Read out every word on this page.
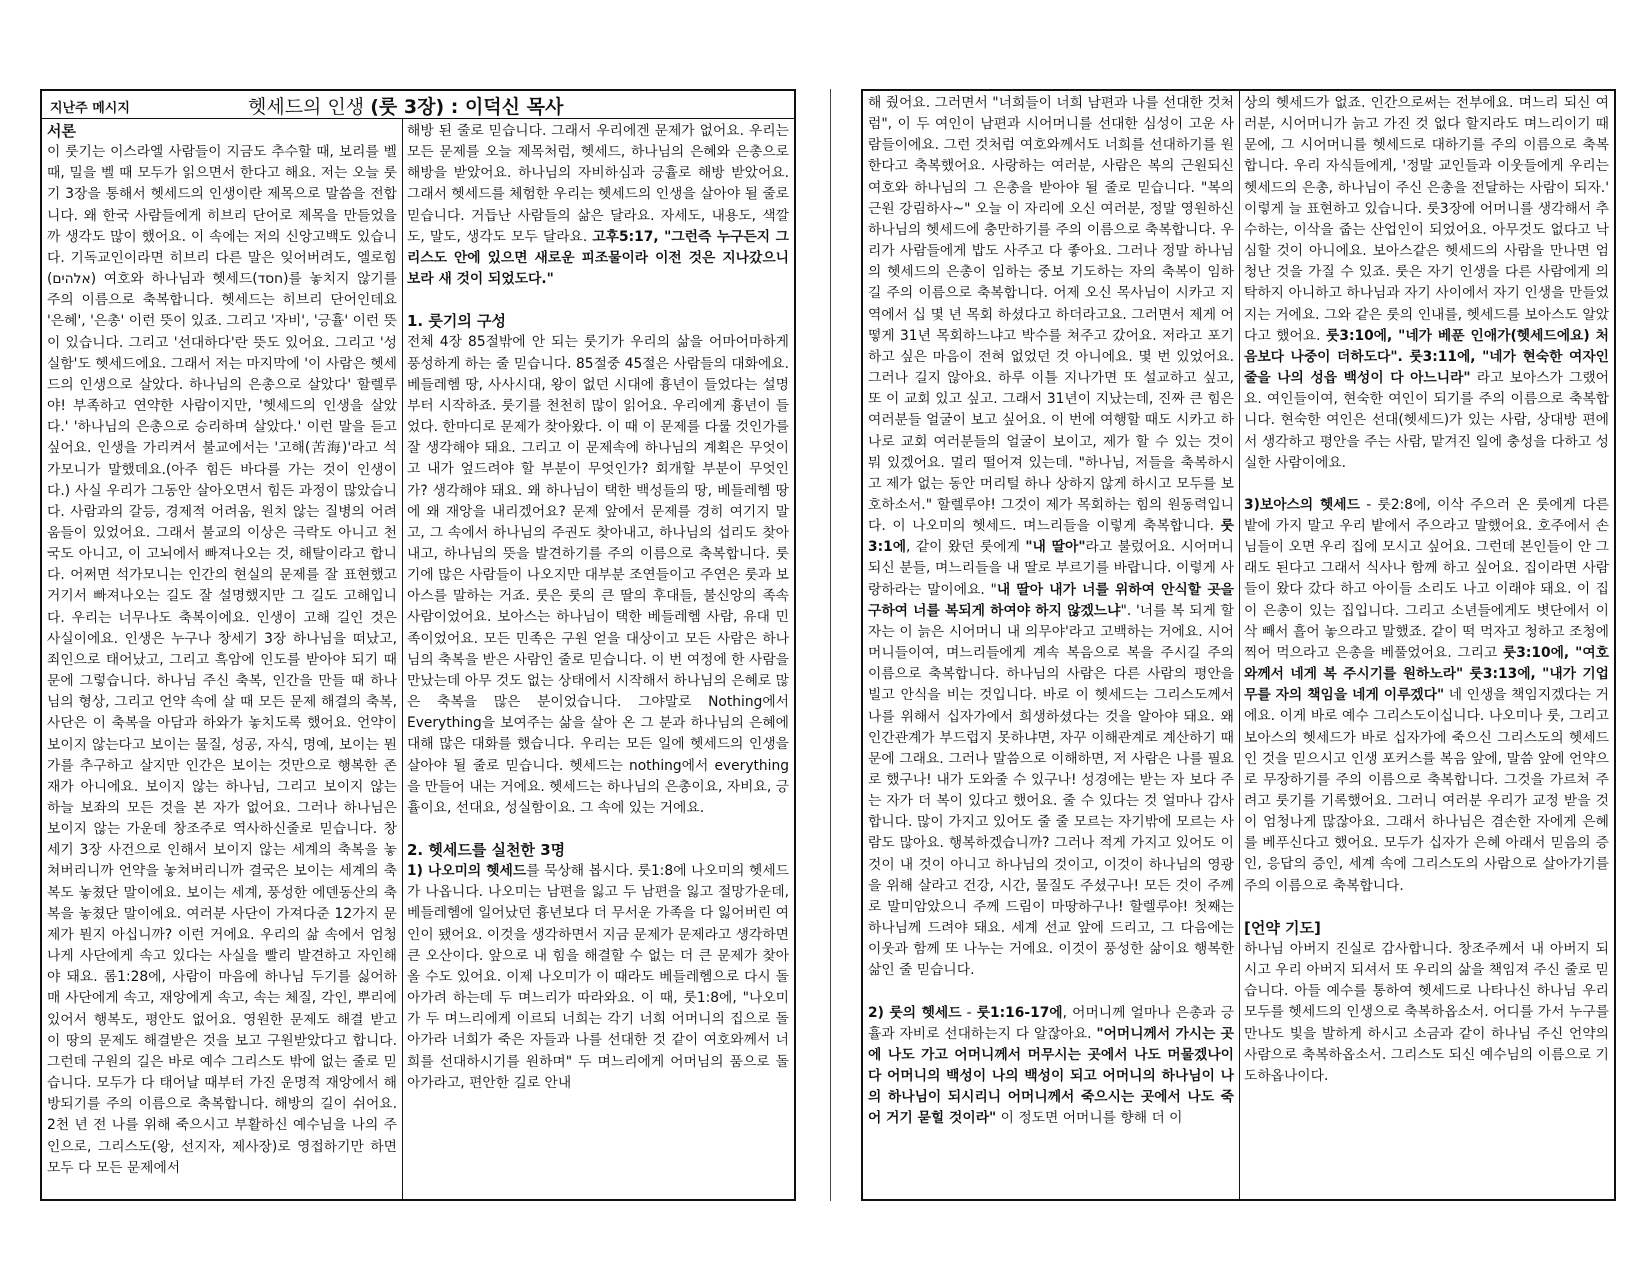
지난주 메시지	헷세드의 인생 (룻 3장) : 이덕신 목사

서론

이 룻기는 이스라엘 사람들이 지금도 추수할 때, 보리를 벨 때, 밀을 벨 때 모두가 읽으면서 한다고 해요. 저는 오늘 룻기 3장을 통해서 헷세드의 인생이란 제목으로 말씀을 전합니다. 왜 한국 사람들에게 히브리 단어로 제목을 만들었을까 생각도 많이 했어요. 이 속에는 저의 신앙고백도 있습니다. 기독교인이라면 히브리 다른 말은 잊어버려도, 엘로힘(אלהים) 여호와 하나님과 헷세드(חסד)를 놓치지 않기를 주의 이름으로 축복합니다. 헷세드는 히브리 단어인데요 '은혜', '은총' 이런 뜻이 있죠. 그리고 '자비', '긍휼' 이런 뜻이 있습니다. 그리고 '선대하다'란 뜻도 있어요. 그리고 '성실함'도 헷세드에요. 그래서 저는 마지막에 '이 사람은 헷세드의 인생으로 살았다. 하나님의 은총으로 살았다' 할렐루야! 부족하고 연약한 사람이지만, '헷세드의 인생을 살았다.' '하나님의 은총으로 승리하며 살았다.' 이런 말을 듣고 싶어요. 인생을 가리켜서 불교에서는 '고해(苦海)'라고 석가모니가 말했데요.(아주 힘든 바다를 가는 것이 인생이다.) 사실 우리가 그동안 살아오면서 힘든 과정이 많았습니다. 사람과의 갈등, 경제적 어려움, 원치 않는 질병의 어려움들이 있었어요. 그래서 불교의 이상은 극락도 아니고 천국도 아니고, 이 고뇌에서 빠져나오는 것, 해탈이라고 합니다. 어쩌면 석가모니는 인간의 현실의 문제를 잘 표현했고 거기서 빠져나오는 길도 잘 설명했지만 그 길도 고해입니다. 우리는 너무나도 축복이에요. 인생이 고해 길인 것은 사실이에요. 인생은 누구나 창세기 3장 하나님을 떠났고, 죄인으로 태어났고, 그리고 흑암에 인도를 받아야 되기 때문에 그렇습니다. 하나님 주신 축복, 인간을 만들 때 하나님의 형상, 그리고 언약 속에 살 때 모든 문제 해결의 축복, 사단은 이 축복을 아담과 하와가 놓치도록 했어요. 언약이 보이지 않는다고 보이는 물질, 성공, 자식, 명예, 보이는 뭔가를 추구하고 살지만 인간은 보이는 것만으로 행복한 존재가 아니에요. 보이지 않는 하나님, 그리고 보이지 않는 하늘 보좌의 모든 것을 본 자가 없어요. 그러나 하나님은 보이지 않는 가운데 창조주로 역사하신줄로 믿습니다. 창세기 3장 사건으로 인해서 보이지 않는 세계의 축복을 놓쳐버리니까 언약을 놓쳐버리니까 결국은 보이는 세계의 축복도 놓쳤단 말이에요. 보이는 세계, 풍성한 에덴동산의 축복을 놓쳤단 말이에요. 여러분 사단이 가져다준 12가지 문제가 뭔지 아십니까? 이런 거에요. 우리의 삶 속에서 엄청나게 사단에게 속고 있다는 사실을 빨리 발견하고 자인해야 돼요. 롬1:28에, 사람이 마음에 하나님 두기를 싫어하매 사단에게 속고, 재앙에게 속고, 속는 체질, 각인, 뿌리에 있어서 행복도, 평안도 없어요. 영원한 문제도 해결 받고 이 땅의 문제도 해결받은 것을 보고 구원받았다고 합니다. 그런데 구원의 길은 바로 예수 그리스도 밖에 없는 줄로 믿습니다. 모두가 다 태어날 때부터 가진 운명적 재앙에서 해방되기를 주의 이름으로 축복합니다. 해방의 길이 쉬어요. 2천 년 전 나를 위해 죽으시고 부활하신 예수님을 나의 주인으로, 그리스도(왕, 선지자, 제사장)로 영접하기만 하면 모두 다 모든 문제에서

해방 된 줄로 믿습니다. 그래서 우리에겐 문제가 없어요. 우리는 모든 문제를 오늘 제목처럼, 헷세드, 하나님의 은혜와 은총으로 해방을 받았어요. 하나님의 자비하심과 긍휼로 해방 받았어요. 그래서 헷세드를 체험한 우리는 헷세드의 인생을 살아야 될 줄로 믿습니다. 거듭난 사람들의 삶은 달라요. 자세도, 내용도, 색깔도, 말도, 생각도 모두 달라요. 고후5:17, "그런즉 누구든지 그리스도 안에 있으면 새로운 피조물이라 이전 것은 지나갔으니 보라 새 것이 되었도다."

1. 룻기의 구성

전체 4장 85절밖에 안 되는 룻기가 우리의 삶을 어마어마하게 풍성하게 하는 줄 믿습니다. 85절중 45절은 사람들의 대화에요. 베들레헴 땅, 사사시대, 왕이 없던 시대에 흉년이 들었다는 설명부터 시작하죠. 룻기를 천천히 많이 읽어요. 우리에게 흉년이 들었다. 한마디로 문제가 찾아왔다. 이 때 이 문제를 다룰 것인가를 잘 생각해야 돼요. 그리고 이 문제속에 하나님의 계획은 무엇이고 내가 엎드려야 할 부분이 무엇인가? 회개할 부분이 무엇인가? 생각해야 돼요. 왜 하나님이 택한 백성들의 땅, 베들레헴 땅에 왜 재앙을 내리겠어요? 문제 앞에서 문제를 경히 여기지 말고, 그 속에서 하나님의 주권도 찾아내고, 하나님의 섭리도 찾아내고, 하나님의 뜻을 발견하기를 주의 이름으로 축복합니다. 룻기에 많은 사람들이 나오지만 대부분 조연들이고 주연은 룻과 보아스를 말하는 거죠. 룻은 룻의 큰 딸의 후대들, 불신앙의 족속 사람이었어요. 보아스는 하나님이 택한 베들레헴 사람, 유대 민족이었어요. 모든 민족은 구원 얻을 대상이고 모든 사람은 하나님의 축복을 받은 사람인 줄로 믿습니다. 이 번 여정에 한 사람을 만났는데 아무 것도 없는 상태에서 시작해서 하나님의 은혜로 많은 축복을 많은 분이었습니다. 그야말로 Nothing에서 Everything을 보여주는 삶을 살아 온 그 분과 하나님의 은혜에 대해 많은 대화를 했습니다. 우리는 모든 일에 헷세드의 인생을 살아야 될 줄로 믿습니다. 헷세드는 nothing에서 everything을 만들어 내는 거에요. 헷세드는 하나님의 은총이요, 자비요, 긍휼이요, 선대요, 성실함이요. 그 속에 있는 거에요.

2. 헷세드를 실천한 3명

1) 나오미의 헷세드를 묵상해 봅시다. 룻1:8에 나오미의 헷세드가 나옵니다. 나오미는 남편을 잃고 두 남편을 잃고 절망가운데, 베들레헴에 일어났던 흉년보다 더 무서운 가족을 다 잃어버린 여인이 됐어요. 이것을 생각하면서 지금 문제가 문제라고 생각하면 큰 오산이다. 앞으로 내 힘을 해결할 수 없는 더 큰 문제가 찾아올 수도 있어요. 이제 나오미가 이 때라도 베들레헴으로 다시 돌아가려 하는데 두 며느리가 따라와요. 이 때, 룻1:8에, "나오미가 두 며느리에게 이르되 너희는 각기 너희 어머니의 집으로 돌아가라 너희가 죽은 자들과 나를 선대한 것 같이 여호와께서 너희를 선대하시기를 원하며" 두 며느리에게 어머님의 품으로 돌아가라고, 편안한 길로 안내

해 줬어요. 그러면서 "너희들이 너희 남편과 나를 선대한 것처럼", 이 두 여인이 남편과 시어머니를 선대한 심성이 고운 사람들이에요. 그런 것처럼 여호와께서도 너희를 선대하기를 원한다고 축복했어요. 사랑하는 여러분, 사람은 복의 근원되신 여호와 하나님의 그 은총을 받아야 될 줄로 믿습니다. "복의 근원 강림하사~" 오늘 이 자리에 오신 여러분, 정말 영원하신 하나님의 헷세드에 충만하기를 주의 이름으로 축복합니다. 우리가 사람들에게 밥도 사주고 다 좋아요. 그러나 정말 하나님의 헷세드의 은총이 임하는 중보 기도하는 자의 축복이 임하길 주의 이름으로 축복합니다. 어제 오신 목사님이 시카고 지역에서 십 몇 년 목회 하셨다고 하더라고요. 그러면서 제게 어떻게 31년 목회하느냐고 박수를 쳐주고 갔어요. 저라고 포기하고 싶은 마음이 전혀 없었던 것 아니에요. 몇 번 있었어요. 그러나 길지 않아요. 하루 이틀 지나가면 또 설교하고 싶고, 또 이 교회 있고 싶고. 그래서 31년이 지났는데, 진짜 큰 힘은 여러분들 얼굴이 보고 싶어요. 이 번에 여행할 때도 시카고 하나로 교회 여러분들의 얼굴이 보이고, 제가 할 수 있는 것이 뭐 있겠어요. 멀리 떨어져 있는데. "하나님, 저들을 축복하시고 제가 없는 동안 머리털 하나 상하지 않게 하시고 모두를 보호하소서." 할렐루야! 그것이 제가 목회하는 힘의 원동력입니다. 이 나오미의 헷세드. 며느리들을 이렇게 축복합니다. 룻 3:1에, 같이 왔던 룻에게 "내 딸아"라고 불렀어요. 시어머니 되신 분들, 며느리들을 내 딸로 부르기를 바랍니다. 이렇게 사랑하라는 말이에요. "내 딸아 내가 너를 위하여 안식할 곳을 구하여 너를 복되게 하여야 하지 않겠느냐". '너를 복 되게 할 자는 이 늙은 시어머니 내 의무야'라고 고백하는 거에요. 시어머니들이여, 며느리들에게 계속 복음으로 복을 주시길 주의 이름으로 축복합니다. 하나님의 사람은 다른 사람의 평안을 빌고 안식을 비는 것입니다. 바로 이 헷세드는 그리스도께서 나를 위해서 십자가에서 희생하셨다는 것을 알아야 돼요. 왜 인간관계가 부드럽지 못하냐면, 자꾸 이해관계로 계산하기 때문에 그래요. 그러나 말씀으로 이해하면, 저 사람은 나를 필요로 했구나! 내가 도와줄 수 있구나! 성경에는 받는 자 보다 주는 자가 더 복이 있다고 했어요. 줄 수 있다는 것 얼마나 감사합니다. 많이 가지고 있어도 줄 줄 모르는 자기밖에 모르는 사람도 많아요. 행복하겠습니까? 그러나 적게 가지고 있어도 이것이 내 것이 아니고 하나님의 것이고, 이것이 하나님의 영광을 위해 살라고 건강, 시간, 물질도 주셨구나! 모든 것이 주께로 말미암았으니 주께 드림이 마땅하구나! 할렐루야! 첫째는 하나님께 드려야 돼요. 세계 선교 앞에 드리고, 그 다음에는 이웃과 함께 또 나누는 거에요. 이것이 풍성한 삶이요 행복한 삶인 줄 믿습니다.

2) 룻의 헷세드 - 룻1:16-17에, 어머니께 얼마나 은총과 긍휼과 자비로 선대하는지 다 알잖아요. "어머니께서 가시는 곳에 나도 가고 어머니께서 머무시는 곳에서 나도 머물겠나이다 어머니의 백성이 나의 백성이 되고 어머니의 하나님이 나의 하나님이 되시리니 어머니께서 죽으시는 곳에서 나도 죽어 거기 묻힐 것이라" 이 정도면 어머니를 향해 더 이

상의 헷세드가 없죠. 인간으로써는 전부에요. 며느리 되신 여러분, 시어머니가 늙고 가진 것 없다 할지라도 며느리이기 때문에, 그 시어머니를 헷세드로 대하기를 주의 이름으로 축복합니다. 우리 자식들에게, '정말 교인들과 이웃들에게 우리는 헷세드의 은총, 하나님이 주신 은총을 전달하는 사람이 되자.' 이렇게 늘 표현하고 있습니다. 룻3장에 어머니를 생각해서 추수하는, 이삭을 줍는 산업인이 되었어요. 아무것도 없다고 낙심할 것이 아니에요. 보아스같은 헷세드의 사람을 만나면 엄청난 것을 가질 수 있죠. 룻은 자기 인생을 다른 사람에게 의탁하지 아니하고 하나님과 자기 사이에서 자기 인생을 만들었지는 거에요. 그와 같은 룻의 인내를, 헷세드를 보아스도 알았다고 했어요. 룻3:10에, "네가 베푼 인애가(헷세드에요) 처음보다 나중이 더하도다". 룻3:11에, "네가 현숙한 여자인 줄을 나의 성읍 백성이 다 아느니라" 라고 보아스가 그랬어요. 여인들이여, 현숙한 여인이 되기를 주의 이름으로 축복합니다. 현숙한 여인은 선대(헷세드)가 있는 사람, 상대방 편에서 생각하고 평안을 주는 사람, 맡겨진 일에 충성을 다하고 성실한 사람이에요.

3)보아스의 헷세드 - 룻2:8에, 이삭 주으러 온 룻에게 다른 밭에 가지 말고 우리 밭에서 주으라고 말했어요. 호주에서 손님들이 오면 우리 집에 모시고 싶어요. 그런데 본인들이 안 그래도 된다고 그래서 식사나 함께 하고 싶어요. 집이라면 사람들이 왔다 갔다 하고 아이들 소리도 나고 이래야 돼요. 이 집이 은총이 있는 집입니다. 그리고 소년들에게도 볏단에서 이삭 빼서 흘어 놓으라고 말했죠. 같이 떡 먹자고 청하고 조청에 찍어 먹으라고 은총을 베풀었어요. 그리고 룻3:10에, "여호와께서 네게 복 주시기를 원하노라" 룻3:13에, "내가 기업무를 자의 책임을 네게 이루겠다" 네 인생을 책임지겠다는 거에요. 이게 바로 예수 그리스도이십니다. 나오미나 룻, 그리고 보아스의 헷세드가 바로 십자가에 죽으신 그리스도의 헷세드인 것을 믿으시고 인생 포커스를 복음 앞에, 말씀 앞에 언약으로 무장하기를 주의 이름으로 축복합니다. 그것을 가르쳐 주려고 룻기를 기록했어요. 그러니 여러분 우리가 교정 받을 것이 엄청나게 많잖아요. 그래서 하나님은 겸손한 자에게 은혜를 베푸신다고 했어요. 모두가 십자가 은혜 아래서 믿음의 증인, 응답의 증인, 세계 속에 그리스도의 사람으로 살아가기를 주의 이름으로 축복합니다.

[언약 기도]

하나님 아버지 진실로 감사합니다. 창조주께서 내 아버지 되시고 우리 아버지 되셔서 또 우리의 삶을 책임져 주신 줄로 믿습니다. 아들 예수를 통하여 헷세드로 나타나신 하나님 우리 모두를 헷세드의 인생으로 축복하옵소서. 어디를 가서 누구를 만나도 빛을 발하게 하시고 소금과 같이 하나님 주신 언약의 사람으로 축복하옵소서. 그리스도 되신 예수님의 이름으로 기도하옵나이다.
